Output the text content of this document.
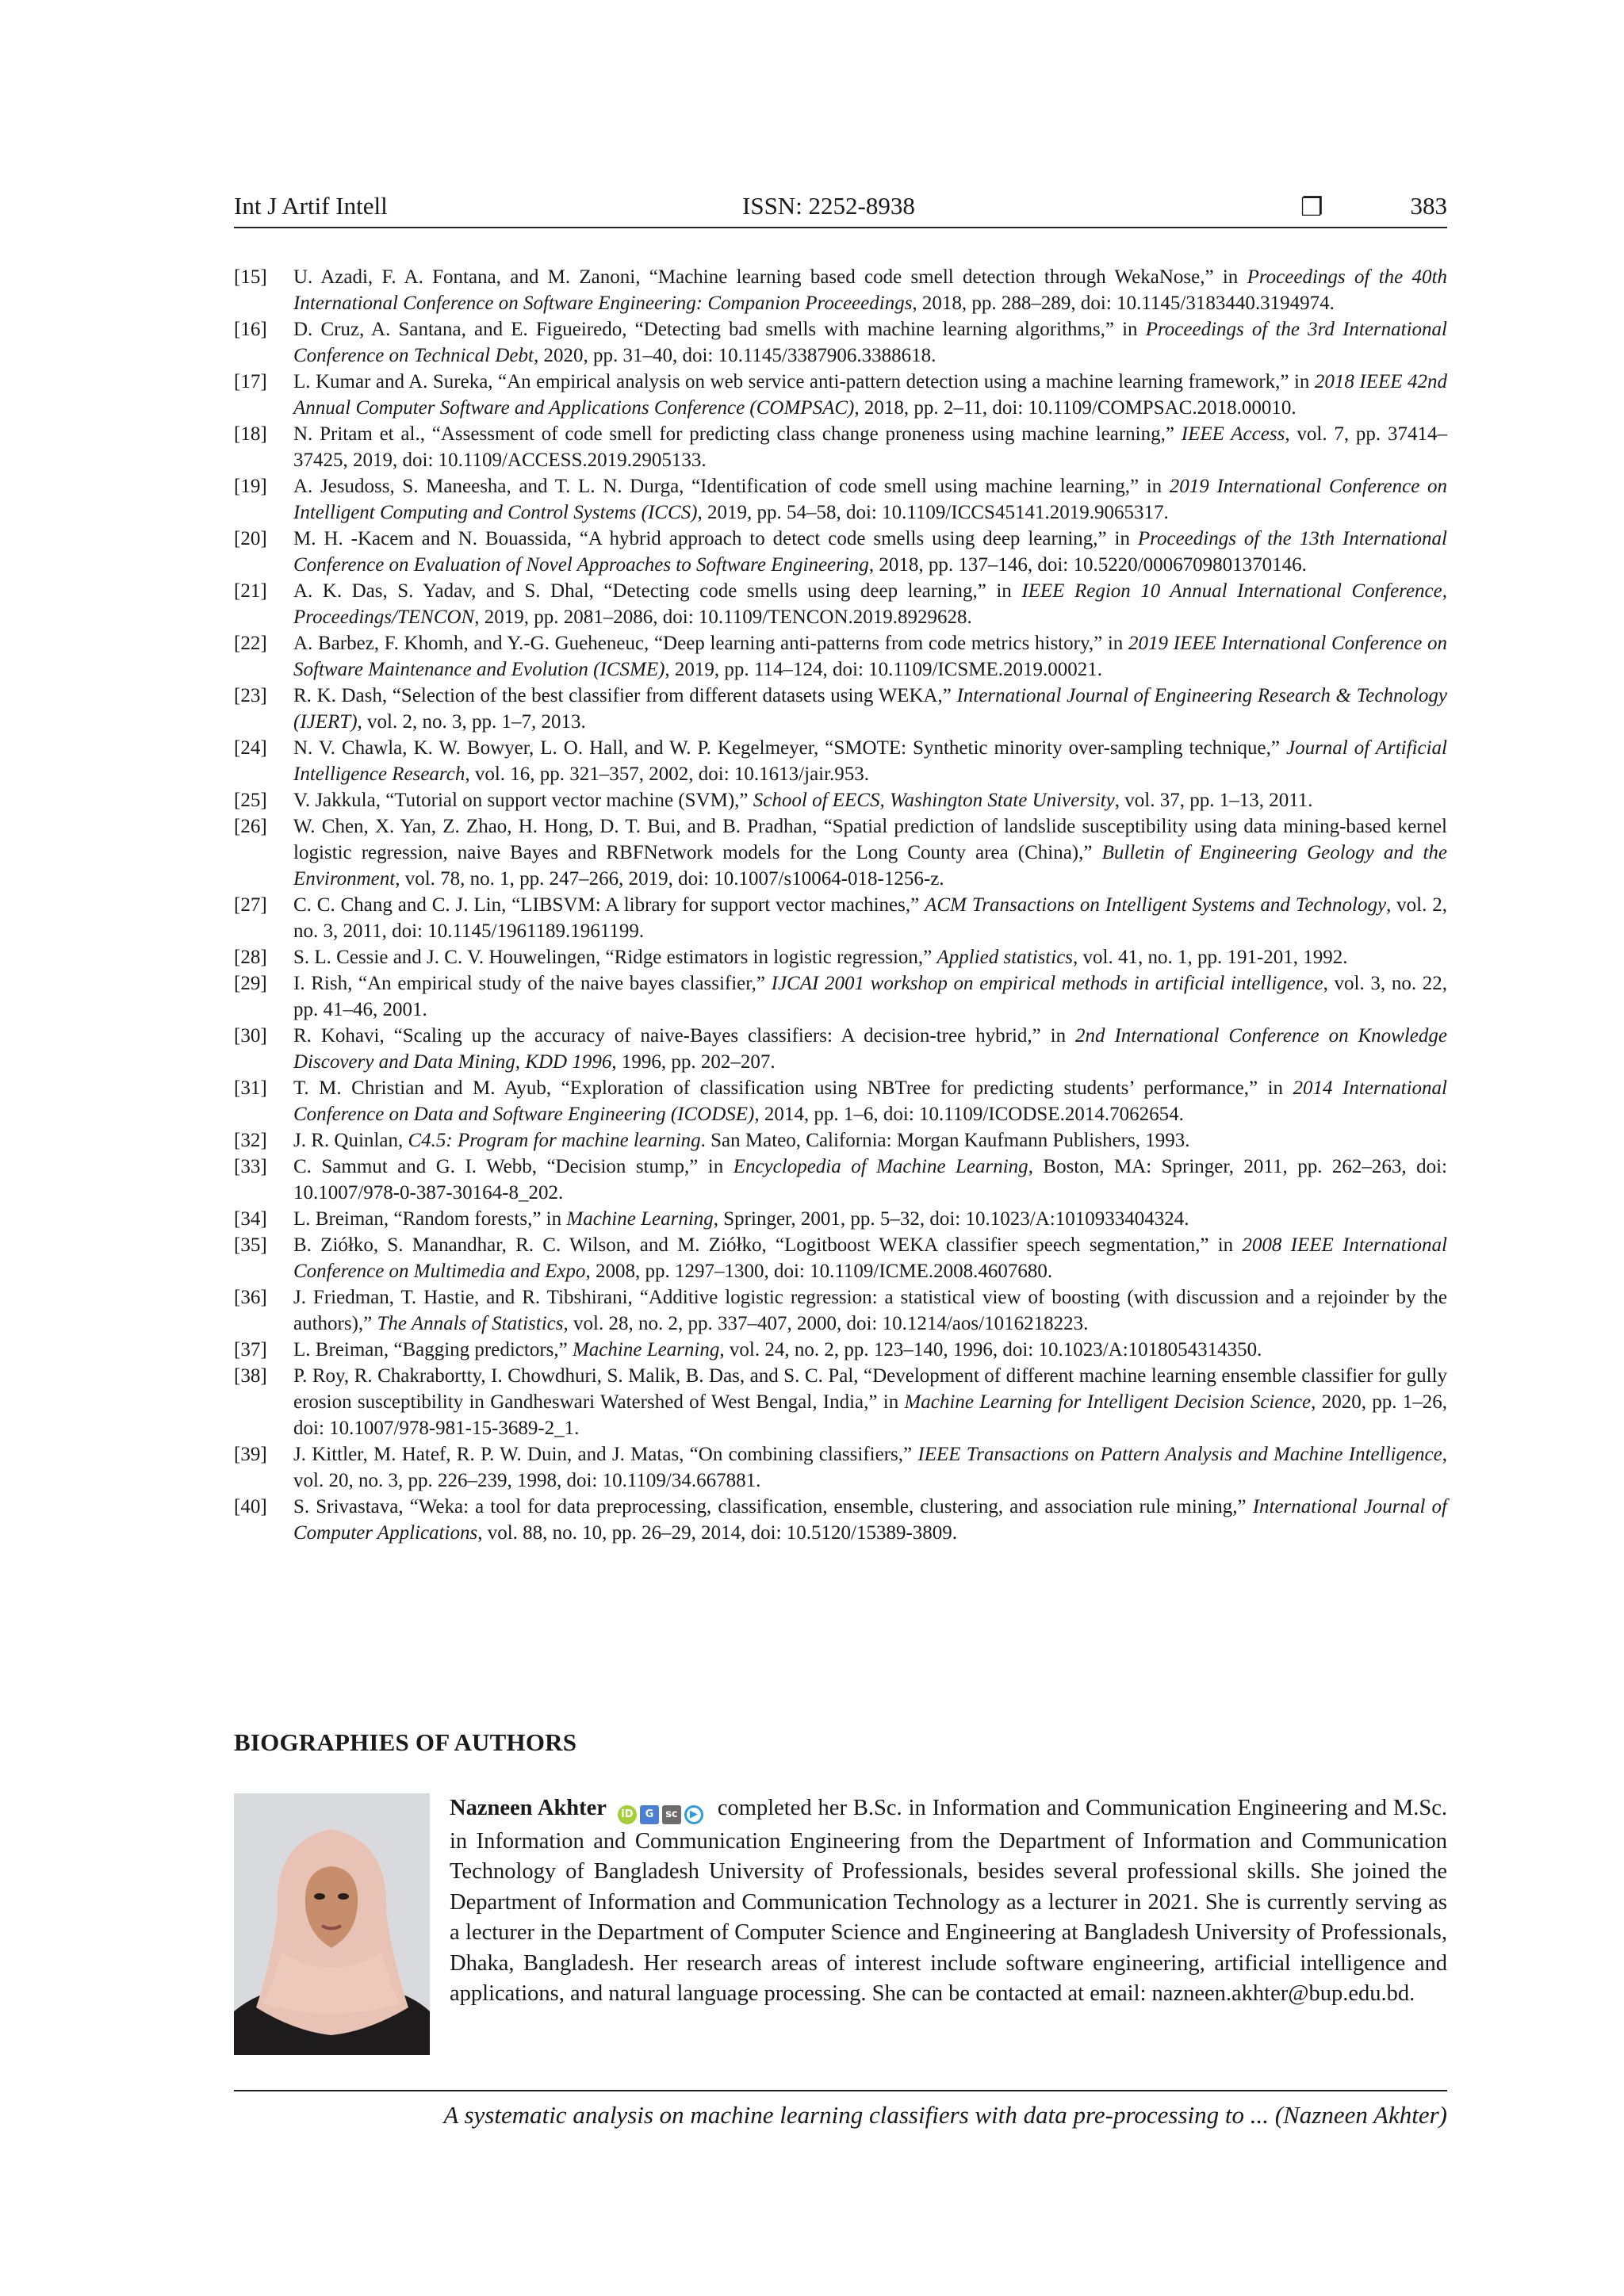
Int J Artif Intell	ISSN: 2252-8938	❐	383
[15]	U. Azadi, F. A. Fontana, and M. Zanoni, “Machine learning based code smell detection through WekaNose,” in Proceedings of the 40th International Conference on Software Engineering: Companion Proceeedings, 2018, pp. 288–289, doi: 10.1145/3183440.3194974.
[16]	D. Cruz, A. Santana, and E. Figueiredo, “Detecting bad smells with machine learning algorithms,” in Proceedings of the 3rd International Conference on Technical Debt, 2020, pp. 31–40, doi: 10.1145/3387906.3388618.
[17]	L. Kumar and A. Sureka, “An empirical analysis on web service anti-pattern detection using a machine learning framework,” in 2018 IEEE 42nd Annual Computer Software and Applications Conference (COMPSAC), 2018, pp. 2–11, doi: 10.1109/COMPSAC.2018.00010.
[18]	N. Pritam et al., “Assessment of code smell for predicting class change proneness using machine learning,” IEEE Access, vol. 7, pp. 37414–37425, 2019, doi: 10.1109/ACCESS.2019.2905133.
[19]	A. Jesudoss, S. Maneesha, and T. L. N. Durga, “Identification of code smell using machine learning,” in 2019 International Conference on Intelligent Computing and Control Systems (ICCS), 2019, pp. 54–58, doi: 10.1109/ICCS45141.2019.9065317.
[20]	M. H. -Kacem and N. Bouassida, “A hybrid approach to detect code smells using deep learning,” in Proceedings of the 13th International Conference on Evaluation of Novel Approaches to Software Engineering, 2018, pp. 137–146, doi: 10.5220/0006709801370146.
[21]	A. K. Das, S. Yadav, and S. Dhal, “Detecting code smells using deep learning,” in IEEE Region 10 Annual International Conference, Proceedings/TENCON, 2019, pp. 2081–2086, doi: 10.1109/TENCON.2019.8929628.
[22]	A. Barbez, F. Khomh, and Y.-G. Gueheneuc, “Deep learning anti-patterns from code metrics history,” in 2019 IEEE International Conference on Software Maintenance and Evolution (ICSME), 2019, pp. 114–124, doi: 10.1109/ICSME.2019.00021.
[23]	R. K. Dash, “Selection of the best classifier from different datasets using WEKA,” International Journal of Engineering Research & Technology (IJERT), vol. 2, no. 3, pp. 1–7, 2013.
[24]	N. V. Chawla, K. W. Bowyer, L. O. Hall, and W. P. Kegelmeyer, “SMOTE: Synthetic minority over-sampling technique,” Journal of Artificial Intelligence Research, vol. 16, pp. 321–357, 2002, doi: 10.1613/jair.953.
[25]	V. Jakkula, “Tutorial on support vector machine (SVM),” School of EECS, Washington State University, vol. 37, pp. 1–13, 2011.
[26]	W. Chen, X. Yan, Z. Zhao, H. Hong, D. T. Bui, and B. Pradhan, “Spatial prediction of landslide susceptibility using data mining-based kernel logistic regression, naive Bayes and RBFNetwork models for the Long County area (China),” Bulletin of Engineering Geology and the Environment, vol. 78, no. 1, pp. 247–266, 2019, doi: 10.1007/s10064-018-1256-z.
[27]	C. C. Chang and C. J. Lin, “LIBSVM: A library for support vector machines,” ACM Transactions on Intelligent Systems and Technology, vol. 2, no. 3, 2011, doi: 10.1145/1961189.1961199.
[28]	S. L. Cessie and J. C. V. Houwelingen, “Ridge estimators in logistic regression,” Applied statistics, vol. 41, no. 1, pp. 191-201, 1992.
[29]	I. Rish, “An empirical study of the naive bayes classifier,” IJCAI 2001 workshop on empirical methods in artificial intelligence, vol. 3, no. 22, pp. 41–46, 2001.
[30]	R. Kohavi, “Scaling up the accuracy of naive-Bayes classifiers: A decision-tree hybrid,” in 2nd International Conference on Knowledge Discovery and Data Mining, KDD 1996, 1996, pp. 202–207.
[31]	T. M. Christian and M. Ayub, “Exploration of classification using NBTree for predicting students’ performance,” in 2014 International Conference on Data and Software Engineering (ICODSE), 2014, pp. 1–6, doi: 10.1109/ICODSE.2014.7062654.
[32]	J. R. Quinlan, C4.5: Program for machine learning. San Mateo, California: Morgan Kaufmann Publishers, 1993.
[33]	C. Sammut and G. I. Webb, “Decision stump,” in Encyclopedia of Machine Learning, Boston, MA: Springer, 2011, pp. 262–263, doi: 10.1007/978-0-387-30164-8_202.
[34]	L. Breiman, “Random forests,” in Machine Learning, Springer, 2001, pp. 5–32, doi: 10.1023/A:1010933404324.
[35]	B. Ziółko, S. Manandhar, R. C. Wilson, and M. Ziółko, “Logitboost WEKA classifier speech segmentation,” in 2008 IEEE International Conference on Multimedia and Expo, 2008, pp. 1297–1300, doi: 10.1109/ICME.2008.4607680.
[36]	J. Friedman, T. Hastie, and R. Tibshirani, “Additive logistic regression: a statistical view of boosting (with discussion and a rejoinder by the authors),” The Annals of Statistics, vol. 28, no. 2, pp. 337–407, 2000, doi: 10.1214/aos/1016218223.
[37]	L. Breiman, “Bagging predictors,” Machine Learning, vol. 24, no. 2, pp. 123–140, 1996, doi: 10.1023/A:1018054314350.
[38]	P. Roy, R. Chakrabortty, I. Chowdhuri, S. Malik, B. Das, and S. C. Pal, “Development of different machine learning ensemble classifier for gully erosion susceptibility in Gandheswari Watershed of West Bengal, India,” in Machine Learning for Intelligent Decision Science, 2020, pp. 1–26, doi: 10.1007/978-981-15-3689-2_1.
[39]	J. Kittler, M. Hatef, R. P. W. Duin, and J. Matas, “On combining classifiers,” IEEE Transactions on Pattern Analysis and Machine Intelligence, vol. 20, no. 3, pp. 226–239, 1998, doi: 10.1109/34.667881.
[40]	S. Srivastava, “Weka: a tool for data preprocessing, classification, ensemble, clustering, and association rule mining,” International Journal of Computer Applications, vol. 88, no. 10, pp. 26–29, 2014, doi: 10.5120/15389-3809.
BIOGRAPHIES OF AUTHORS
Nazneen Akhter iD G sc ▶ completed her B.Sc. in Information and Communication Engineering and M.Sc. in Information and Communication Engineering from the Department of Information and Communication Technology of Bangladesh University of Professionals, besides several professional skills. She joined the Department of Information and Communication Technology as a lecturer in 2021. She is currently serving as a lecturer in the Department of Computer Science and Engineering at Bangladesh University of Professionals, Dhaka, Bangladesh. Her research areas of interest include software engineering, artificial intelligence and applications, and natural language processing. She can be contacted at email: nazneen.akhter@bup.edu.bd.
A systematic analysis on machine learning classifiers with data pre-processing to ... (Nazneen Akhter)
